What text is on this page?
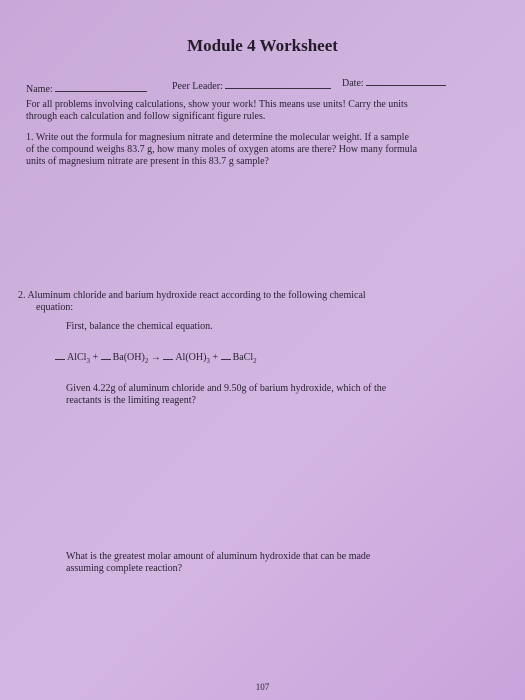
Module 4 Worksheet
Name:	Peer Leader:	Date:
For all problems involving calculations, show your work! This means use units! Carry the units
through each calculation and follow significant figure rules.
1. Write out the formula for magnesium nitrate and determine the molecular weight. If a sample
of the compound weighs 83.7 g, how many moles of oxygen atoms are there? How many formula
units of magnesium nitrate are present in this 83.7 g sample?
2. Aluminum chloride and barium hydroxide react according to the following chemical
equation:
First, balance the chemical equation.
AlCl$_3$ + $Ba(OH)_2 \to Al(OH)_3$ + BaCl$_2$
Given 4.22g of aluminum chloride and 9.50g of barium hydroxide, which of the
reactants is the limiting reagent?
What is the greatest molar amount of aluminum hydroxide that can be made
assuming complete reaction?
107
